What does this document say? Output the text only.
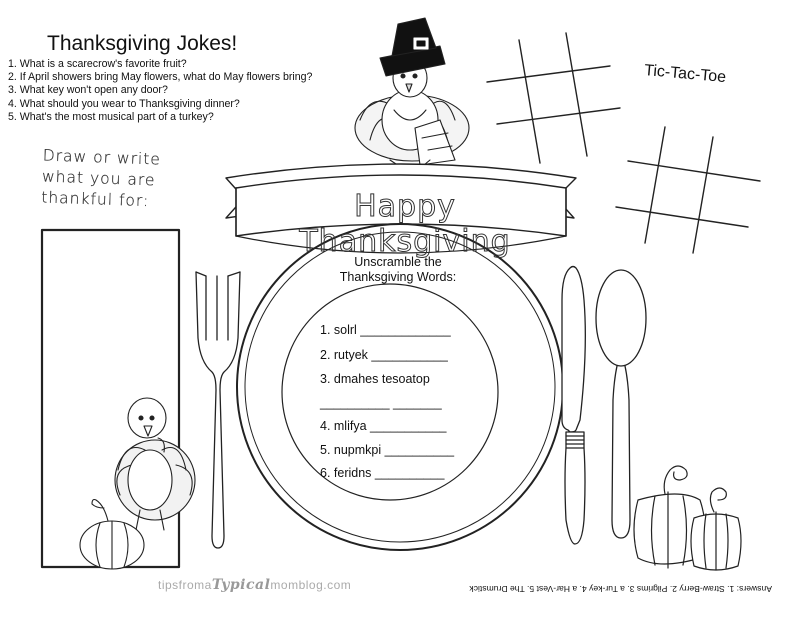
Thanksgiving Jokes!
1. What is a scarecrow's favorite fruit?
2. If April showers bring May flowers, what do May flowers bring?
3. What key won't open any door?
4. What should you wear to Thanksgiving dinner?
5. What's the most musical part of a turkey?
Tic-Tac-Toe
Draw or write
what you are
thankful for:	Happy Thanksgiving
Unscramble the
Thanksgiving Words:
1. solrl _____________
2. rutyek ___________
3. dmahes tesoatop
__________ _______
4. mlifya ___________
5. nupmkpi __________
6. feridns __________
tipsfromaTypicalmomblog.com	Answers: 1. Straw-Berry 2. Pilgrims 3. a Tur-key 4. a Har-Vest 5. The Drumstick
